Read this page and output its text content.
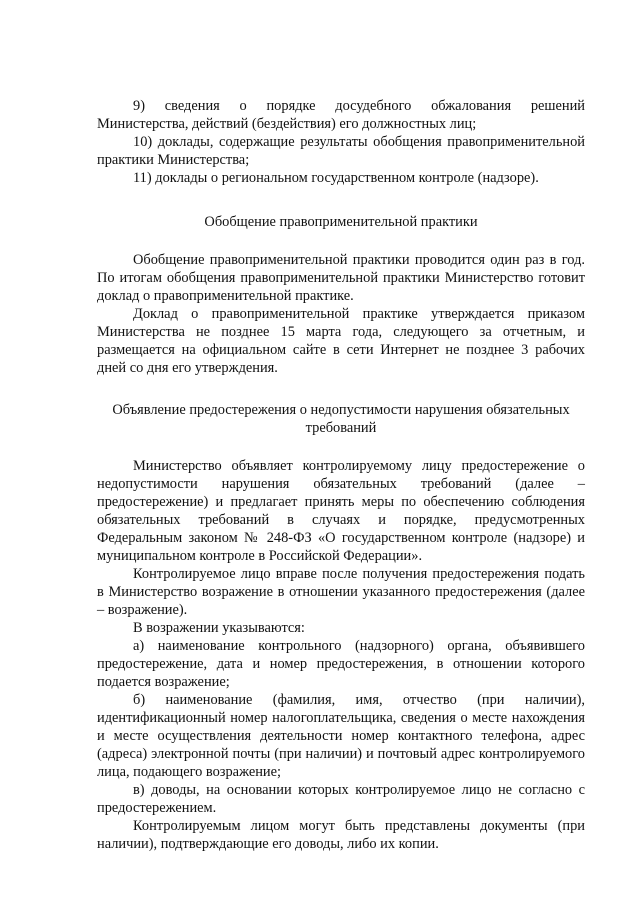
9)    сведения    о    порядке    досудебного    обжалования    решений Министерства, действий (бездействия) его должностных лиц;

10) доклады, содержащие результаты обобщения правоприменительной практики Министерства;

11) доклады о региональном государственном контроле (надзоре).

Обобщение правоприменительной практики

Обобщение правоприменительной практики проводится один раз в год. По итогам обобщения правоприменительной практики Министерство готовит доклад о правоприменительной практике.

Доклад о правоприменительной практике утверждается приказом Министерства не позднее 15 марта года, следующего за отчетным, и размещается на официальном сайте в сети Интернет не позднее 3 рабочих дней со дня его утверждения.

Объявление предостережения о недопустимости нарушения обязательных
требований

Министерство объявляет контролируемому лицу предостережение о недопустимости нарушения обязательных требований (далее – предостережение) и предлагает принять меры по обеспечению соблюдения обязательных требований в случаях и порядке, предусмотренных Федеральным законом № 248-ФЗ «О государственном контроле (надзоре) и муниципальном контроле в Российской Федерации».

Контролируемое лицо вправе после получения предостережения подать в Министерство возражение в отношении указанного предостережения (далее – возражение).

В возражении указываются:

а) наименование контрольного (надзорного) органа, объявившего предостережение, дата и номер предостережения, в отношении которого подается возражение;

б) наименование (фамилия, имя, отчество (при наличии), идентификационный номер налогоплательщика, сведения о месте нахождения и месте осуществления деятельности номер контактного телефона, адрес (адреса) электронной почты (при наличии) и почтовый адрес контролируемого лица, подающего возражение;

в) доводы, на основании которых контролируемое лицо не согласно с предостережением.

Контролируемым лицом могут быть представлены документы (при наличии), подтверждающие его доводы, либо их копии.
